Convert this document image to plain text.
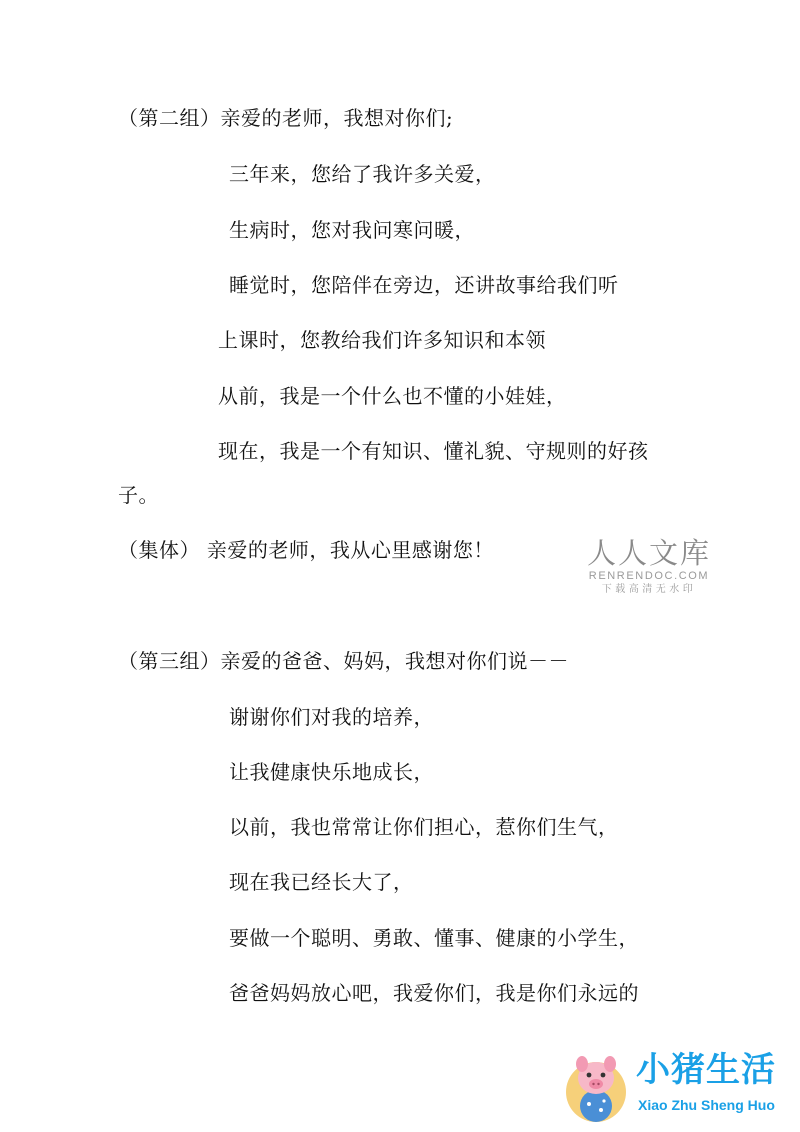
（第二组）亲爱的老师，我想对你们;
三年来，您给了我许多关爱，
生病时，您对我问寒问暖，
睡觉时，您陪伴在旁边，还讲故事给我们听
上课时，您教给我们许多知识和本领
从前，我是一个什么也不懂的小娃娃，
现在，我是一个有知识、懂礼貌、守规则的好孩
子。
（集体） 亲爱的老师，我从心里感谢您！
（第三组）亲爱的爸爸、妈妈，我想对你们说－－
谢谢你们对我的培养，
让我健康快乐地成长，
以前，我也常常让你们担心，惹你们生气，
现在我已经长大了，
要做一个聪明、勇敢、懂事、健康的小学生，
爸爸妈妈放心吧，我爱你们，我是你们永远的
人人文库
RENRENDOC.COM
下载高清无水印
小猪生活
Xiao Zhu Sheng Huo
